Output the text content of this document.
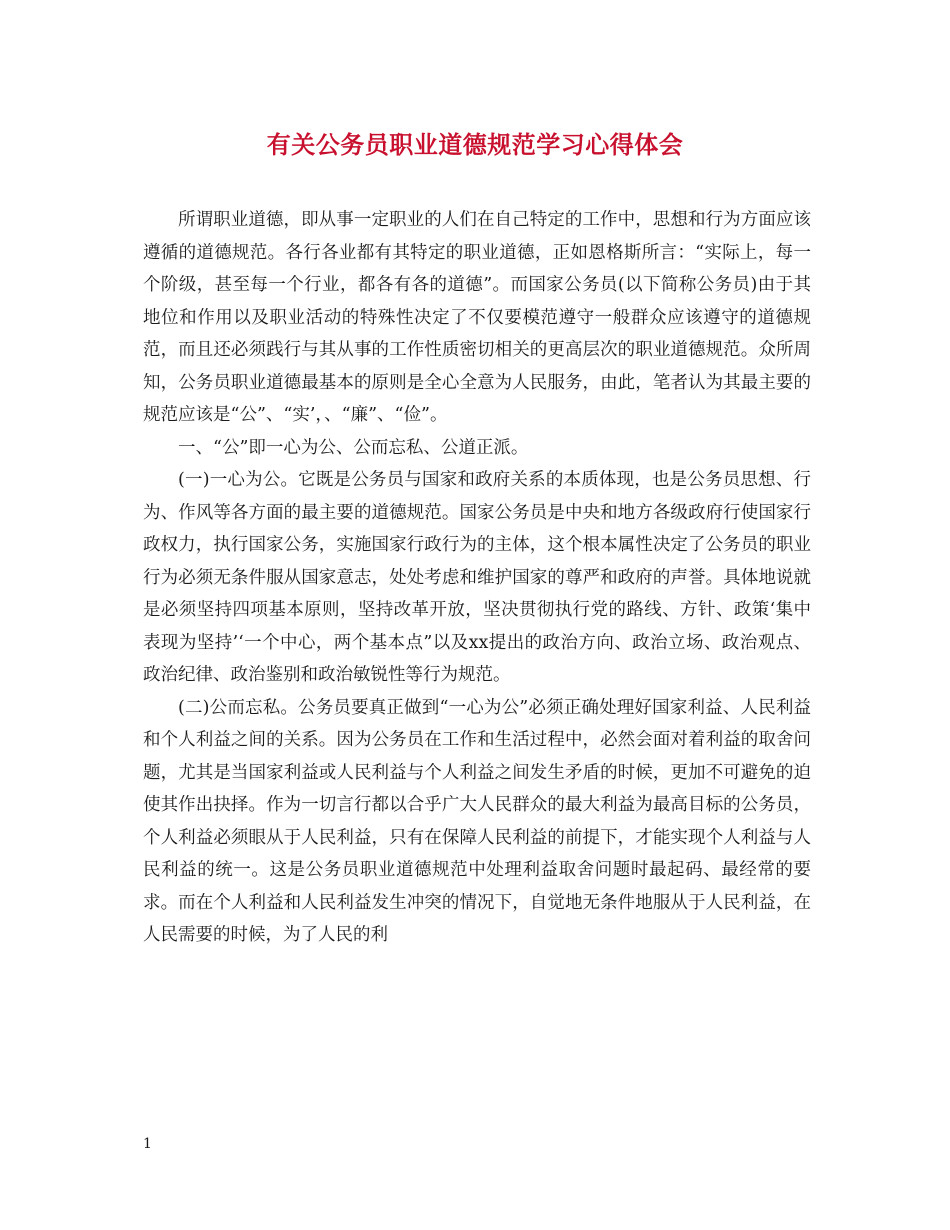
有关公务员职业道德规范学习心得体会

所谓职业道德，即从事一定职业的人们在自己特定的工作中，思想和行为方面应该遵循的道德规范。各行各业都有其特定的职业道德，正如恩格斯所言：“实际上，每一个阶级，甚至每一个行业，都各有各的道德”。而国家公务员(以下简称公务员)由于其地位和作用以及职业活动的特殊性决定了不仅要模范遵守一般群众应该遵守的道德规范，而且还必须践行与其从事的工作性质密切相关的更高层次的职业道德规范。众所周知，公务员职业道德最基本的原则是全心全意为人民服务，由此，笔者认为其最主要的规范应该是“公”、“实’，、“廉”、“俭”。

一、“公”即一心为公、公而忘私、公道正派。

(一)一心为公。它既是公务员与国家和政府关系的本质体现，也是公务员思想、行为、作风等各方面的最主要的道德规范。国家公务员是中央和地方各级政府行使国家行政权力，执行国家公务，实施国家行政行为的主体，这个根本属性决定了公务员的职业行为必须无条件服从国家意志，处处考虑和维护国家的尊严和政府的声誉。具体地说就是必须坚持四项基本原则，坚持改革开放，坚决贯彻执行党的路线、方针、政策‘集中表现为坚持’‘一个中心，两个基本点”以及xx提出的政治方向、政治立场、政治观点、政治纪律、政治鉴别和政治敏锐性等行为规范。

(二)公而忘私。公务员要真正做到“一心为公”必须正确处理好国家利益、人民利益和个人利益之间的关系。因为公务员在工作和生活过程中，必然会面对着利益的取舍问题，尤其是当国家利益或人民利益与个人利益之间发生矛盾的时候，更加不可避免的迫使其作出抉择。作为一切言行都以合乎广大人民群众的最大利益为最高目标的公务员，个人利益必须眼从于人民利益，只有在保障人民利益的前提下，才能实现个人利益与人民利益的统一。这是公务员职业道德规范中处理利益取舍问题时最起码、最经常的要求。而在个人利益和人民利益发生冲突的情况下，自觉地无条件地服从于人民利益，在人民需要的时候，为了人民的利

1
